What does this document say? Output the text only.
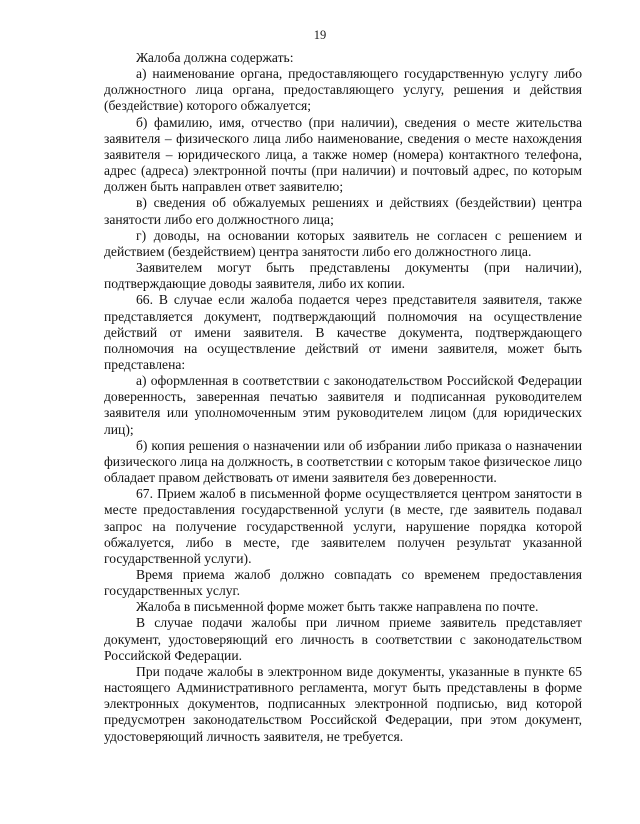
19

Жалоба должна содержать:

а) наименование органа, предоставляющего государственную услугу либо должностного лица органа, предоставляющего услугу, решения и действия (бездействие) которого обжалуется;

б) фамилию, имя, отчество (при наличии), сведения о месте жительства заявителя – физического лица либо наименование, сведения о месте нахождения заявителя – юридического лица, а также номер (номера) контактного телефона, адрес (адреса) электронной почты (при наличии) и почтовый адрес, по которым должен быть направлен ответ заявителю;

в) сведения об обжалуемых решениях и действиях (бездействии) центра занятости либо его должностного лица;

г) доводы, на основании которых заявитель не согласен с решением и действием (бездействием) центра занятости либо его должностного лица.

Заявителем могут быть представлены документы (при наличии), подтверждающие доводы заявителя, либо их копии.

66. В случае если жалоба подается через представителя заявителя, также представляется документ, подтверждающий полномочия на осуществление действий от имени заявителя. В качестве документа, подтверждающего полномочия на осуществление действий от имени заявителя, может быть представлена:

а) оформленная в соответствии с законодательством Российской Федерации доверенность, заверенная печатью заявителя и подписанная руководителем заявителя или уполномоченным этим руководителем лицом (для юридических лиц);

б) копия решения о назначении или об избрании либо приказа о назначении физического лица на должность, в соответствии с которым такое физическое лицо обладает правом действовать от имени заявителя без доверенности.

67. Прием жалоб в письменной форме осуществляется центром занятости в месте предоставления государственной услуги (в месте, где заявитель подавал запрос на получение государственной услуги, нарушение порядка которой обжалуется, либо в месте, где заявителем получен результат указанной государственной услуги).

Время приема жалоб должно совпадать со временем предоставления государственных услуг.

Жалоба в письменной форме может быть также направлена по почте.

В случае подачи жалобы при личном приеме заявитель представляет документ, удостоверяющий его личность в соответствии с законодательством Российской Федерации.

При подаче жалобы в электронном виде документы, указанные в пункте 65 настоящего Административного регламента, могут быть представлены в форме электронных документов, подписанных электронной подписью, вид которой предусмотрен законодательством Российской Федерации, при этом документ, удостоверяющий личность заявителя, не требуется.
